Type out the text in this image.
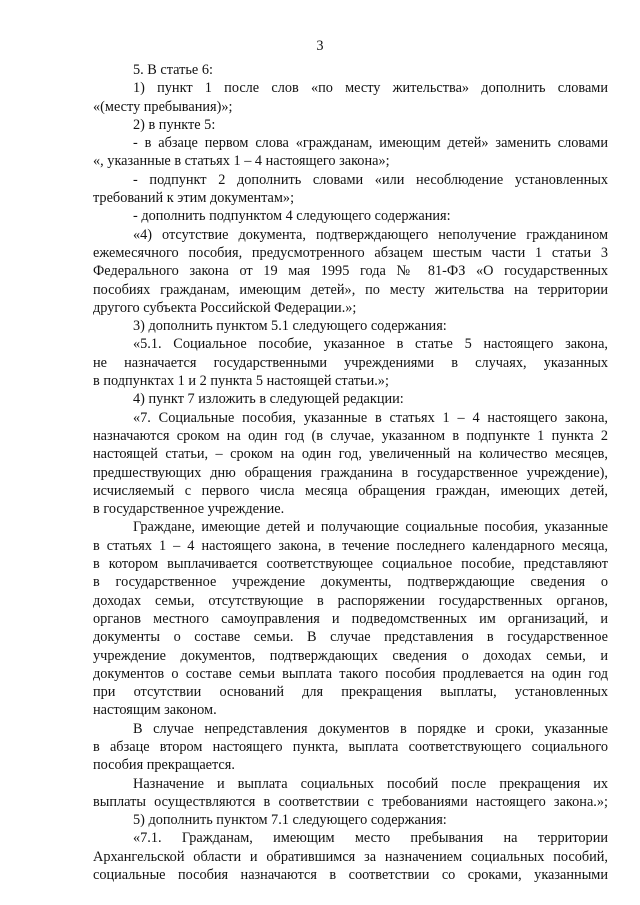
3
5. В статье 6:
1) пункт 1 после слов «по месту жительства» дополнить словами
«(месту пребывания)»;
2) в пункте 5:
- в абзаце первом слова «гражданам, имеющим детей» заменить словами
«, указанные в статьях 1 – 4 настоящего закона»;
- подпункт 2 дополнить словами «или несоблюдение установленных
требований к этим документам»;
- дополнить подпунктом 4 следующего содержания:
«4) отсутствие документа, подтверждающего неполучение гражданином
ежемесячного пособия, предусмотренного абзацем шестым части 1 статьи 3
Федерального закона от 19 мая 1995 года № 81-ФЗ «О государственных
пособиях гражданам, имеющим детей», по месту жительства на территории
другого субъекта Российской Федерации.»;
3) дополнить пунктом 5.1 следующего содержания:
«5.1. Социальное пособие, указанное в статье 5 настоящего закона,
не назначается государственными учреждениями в случаях, указанных
в подпунктах 1 и 2 пункта 5 настоящей статьи.»;
4) пункт 7 изложить в следующей редакции:
«7. Социальные пособия, указанные в статьях 1 – 4 настоящего закона,
назначаются сроком на один год (в случае, указанном в подпункте 1 пункта 2
настоящей статьи, – сроком на один год, увеличенный на количество месяцев,
предшествующих дню обращения гражданина в государственное учреждение),
исчисляемый с первого числа месяца обращения граждан, имеющих детей,
в государственное учреждение.
Граждане, имеющие детей и получающие социальные пособия, указанные
в статьях 1 – 4 настоящего закона, в течение последнего календарного месяца,
в котором выплачивается соответствующее социальное пособие, представляют
в государственное учреждение документы, подтверждающие сведения о
доходах семьи, отсутствующие в распоряжении государственных органов,
органов местного самоуправления и подведомственных им организаций, и
документы о составе семьи. В случае представления в государственное
учреждение документов, подтверждающих сведения о доходах семьи, и
документов о составе семьи выплата такого пособия продлевается на один год
при отсутствии оснований для прекращения выплаты, установленных
настоящим законом.
В случае непредставления документов в порядке и сроки, указанные
в абзаце втором настоящего пункта, выплата соответствующего социального
пособия прекращается.
Назначение и выплата социальных пособий после прекращения их
выплаты осуществляются в соответствии с требованиями настоящего закона.»;
5) дополнить пунктом 7.1 следующего содержания:
«7.1. Гражданам, имеющим место пребывания на территории
Архангельской области и обратившимся за назначением социальных пособий,
социальные пособия назначаются в соответствии со сроками, указанными
